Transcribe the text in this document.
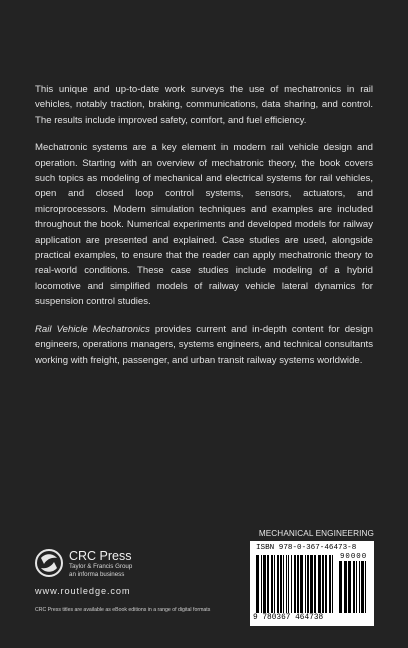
This unique and up-to-date work surveys the use of mechatronics in rail vehicles, notably traction, braking, communications, data sharing, and control. The results include improved safety, comfort, and fuel efficiency.

Mechatronic systems are a key element in modern rail vehicle design and operation. Starting with an overview of mechatronic theory, the book covers such topics as modeling of mechanical and electrical systems for rail vehicles, open and closed loop control systems, sensors, actuators, and microprocessors. Modern simulation techniques and examples are included throughout the book. Numerical experiments and developed models for railway application are presented and explained. Case studies are used, alongside practical examples, to ensure that the reader can apply mechatronic theory to real-world conditions. These case studies include modeling of a hybrid locomotive and simplified models of railway vehicle lateral dynamics for suspension control studies.

Rail Vehicle Mechatronics provides current and in-depth content for design engineers, operations managers, systems engineers, and technical consultants working with freight, passenger, and urban transit railway systems worldwide.

MECHANICAL ENGINEERING
ISBN 978-0-367-46473-8
90000
9 780367 464738
CRC Press
Taylor & Francis Group
an informa business
www.routledge.com
CRC Press titles are available as eBook editions in a range of digital formats
